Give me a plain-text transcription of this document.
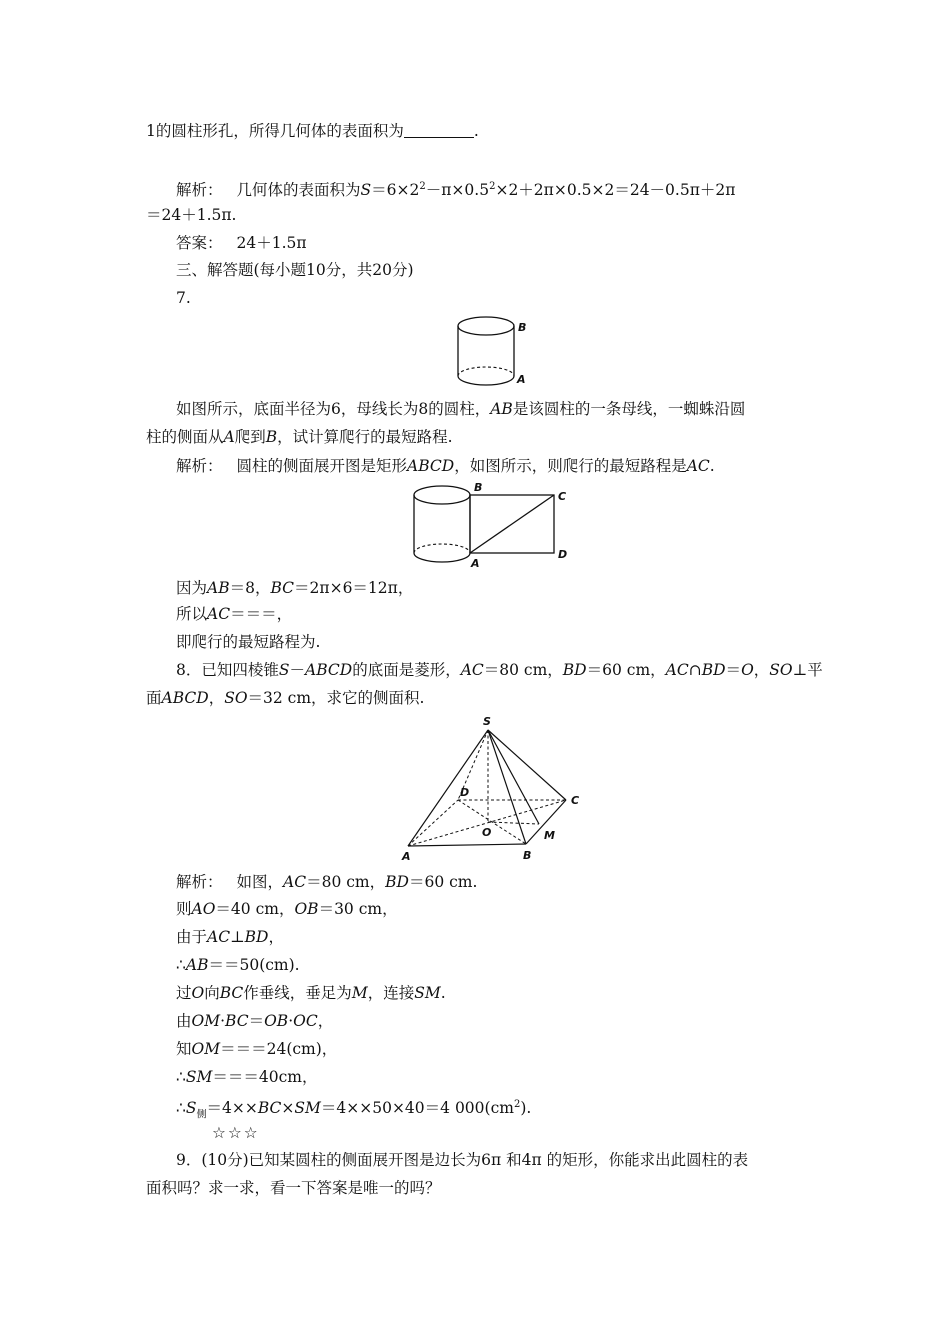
1的圆柱形孔，所得几何体的表面积为	.
解析： 几何体的表面积为$S=6\times 2^2-\pi\times 0.5^2\times 2+2\pi\times 0.5\times 2=24-0.5\pi+2\pi$
＝24＋1.5π.
答案： 24＋1.5π
三、解答题(每小题10分，共20分)
7.
B
A
如图所示，底面半径为6，母线长为8的圆柱，AB是该圆柱的一条母线，一蜘蛛沿圆
柱的侧面从A爬到B，试计算爬行的最短路程.
解析： 圆柱的侧面展开图是矩形ABCD，如图所示，则爬行的最短路程是AC.
B
C
A
D
因为AB＝8，BC＝2π×6＝12π，
所以AC＝＝＝，
即爬行的最短路程为.
8．已知四棱锥S－ABCD的底面是菱形，AC＝80 cm，BD＝60 cm，AC∩BD＝O，SO⊥平
面ABCD，SO＝32 cm，求它的侧面积.
S
D
C
O	M
A	B
解析： 如图，AC＝80 cm，BD＝60 cm.
则AO＝40 cm，OB＝30 cm，
由于AC⊥BD，
∴AB＝＝50(cm).
过O向BC作垂线，垂足为M，连接SM.
由OM·BC＝OB·OC，
知OM＝＝＝24(cm)，
∴SM＝＝＝40cm，
$\therefore S_侧=4\times\times BC\times SM=4\times\times 50\times 40=4$ $000(cm^2)$.
☆☆☆
9．(10分)已知某圆柱的侧面展开图是边长为6π 和4π 的矩形，你能求出此圆柱的表
面积吗？求一求，看一下答案是唯一的吗？
